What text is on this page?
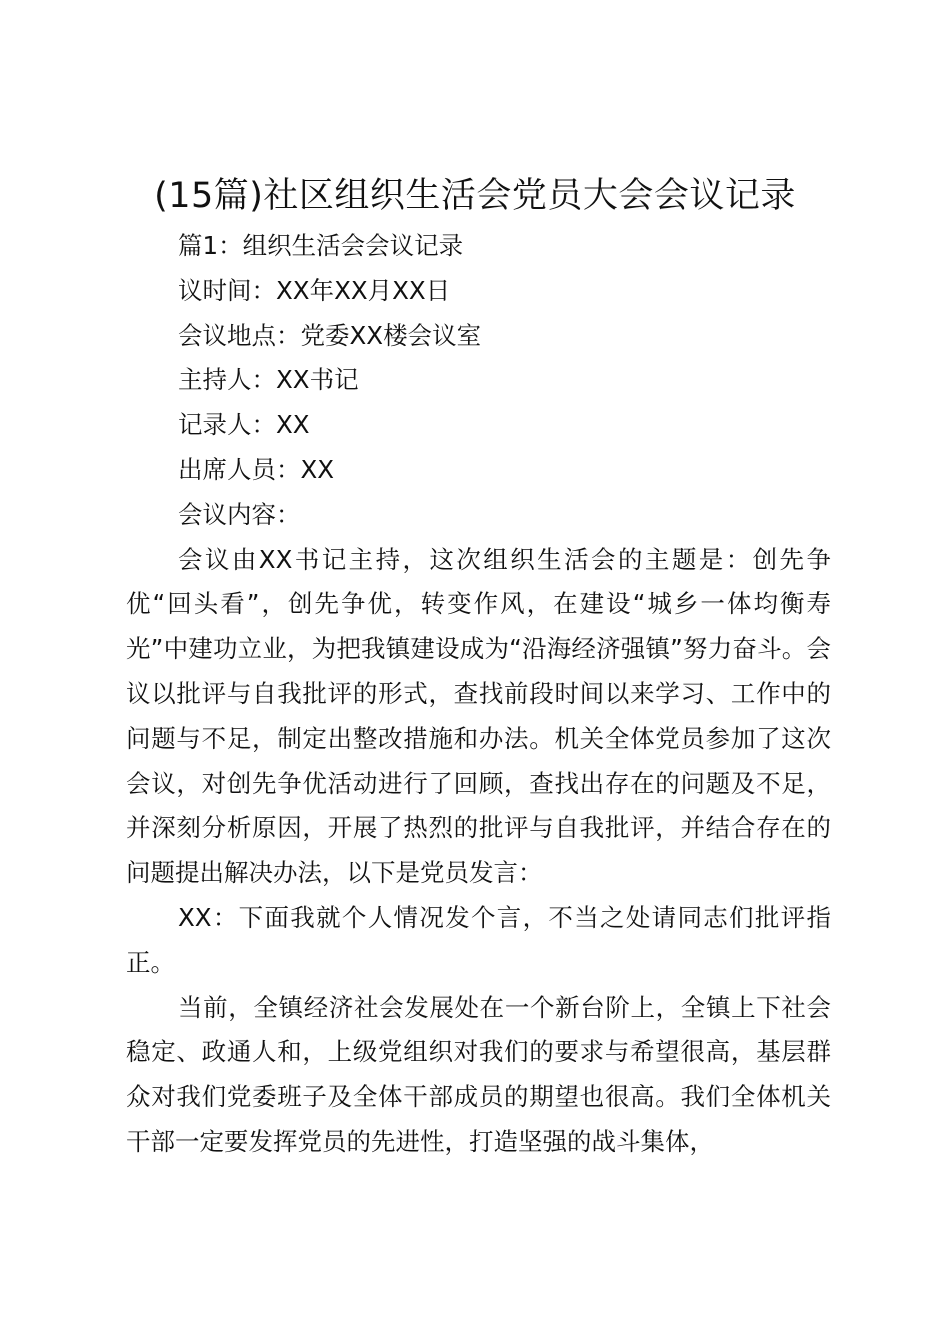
(15篇)社区组织生活会党员大会会议记录

篇1：组织生活会会议记录

议时间：XX年XX月XX日

会议地点：党委XX楼会议室

主持人：XX书记

记录人：XX

出席人员：XX

会议内容：

会议由XX书记主持，这次组织生活会的主题是：创先争优“回头看”，创先争优，转变作风，在建设“城乡一体均衡寿光”中建功立业，为把我镇建设成为“沿海经济强镇”努力奋斗。会议以批评与自我批评的形式，查找前段时间以来学习、工作中的问题与不足，制定出整改措施和办法。机关全体党员参加了这次会议，对创先争优活动进行了回顾，查找出存在的问题及不足，并深刻分析原因，开展了热烈的批评与自我批评，并结合存在的问题提出解决办法，以下是党员发言：

XX：下面我就个人情况发个言，不当之处请同志们批评指正。

当前，全镇经济社会发展处在一个新台阶上，全镇上下社会稳定、政通人和，上级党组织对我们的要求与希望很高，基层群众对我们党委班子及全体干部成员的期望也很高。我们全体机关干部一定要发挥党员的先进性，打造坚强的战斗集体，
